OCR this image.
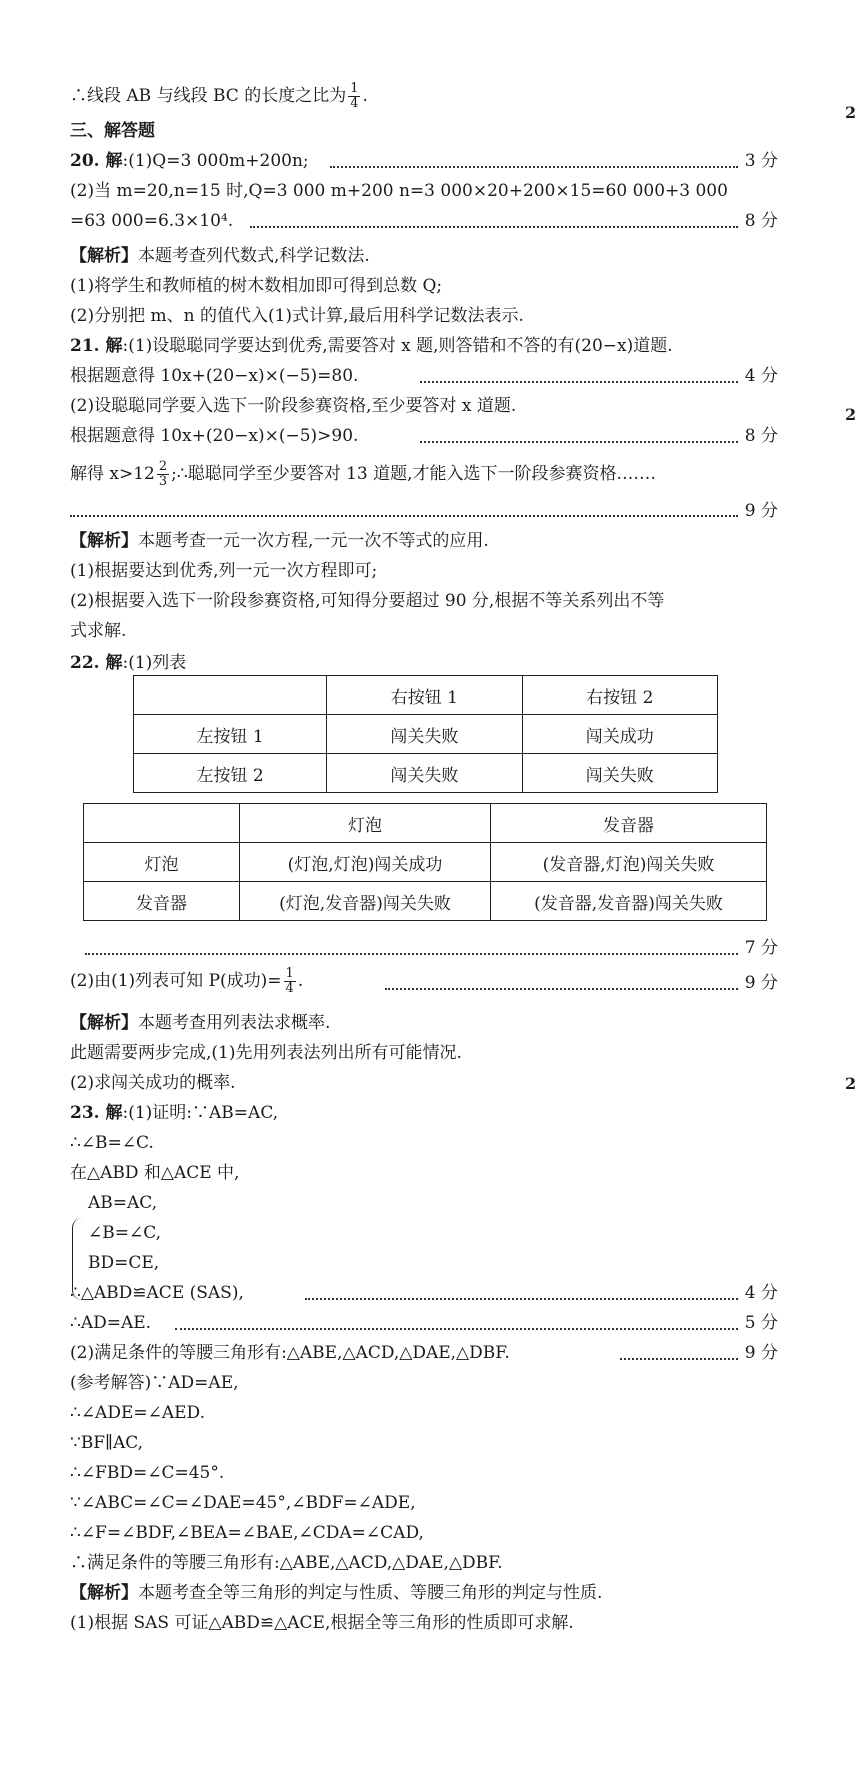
2
2
2
∴线段 AB 与线段 BC 的长度之比为 $\frac{1}{4}$ .
三、解答题
20. 解:(1)Q=3 000m+200n;	3 分
(2)当 m=20,n=15 时,Q=3 000 m+200 n=3 000×20+200×15=60 000+3 000
=63 000=6.3×10⁴.	8 分
【解析】本题考查列代数式,科学记数法.
(1)将学生和教师植的树木数相加即可得到总数 Q;
(2)分别把 m、n 的值代入(1)式计算,最后用科学记数法表示.
21. 解:(1)设聪聪同学要达到优秀,需要答对 x 题,则答错和不答的有(20−x)道题.
根据题意得 10x+(20−x)×(−5)=80.	4 分
(2)设聪聪同学要入选下一阶段参赛资格,至少要答对 x 道题.
根据题意得 10x+(20−x)×(−5)>90.	8 分
解得 $x>12 \frac{2}{3}$ ;∴聪聪同学至少要答对 13 道题,才能入选下一阶段参赛资格.……
9 分
【解析】本题考查一元一次方程,一元一次不等式的应用.
(1)根据要达到优秀,列一元一次方程即可;
(2)根据要入选下一阶段参赛资格,可知得分要超过 90 分,根据不等关系列出不等
式求解.
22. 解:(1)列表
	右按钮 1	右按钮 2
左按钮 1	闯关失败	闯关成功
左按钮 2	闯关失败	闯关失败
	灯泡	发音器
灯泡	(灯泡,灯泡)闯关成功	(发音器,灯泡)闯关失败
发音器	(灯泡,发音器)闯关失败	(发音器,发音器)闯关失败
7 分
(2)由(1)列表可知 P(成功)= $\frac{1}{4}$ .	9 分
【解析】本题考查用列表法求概率.
此题需要两步完成,(1)先用列表法列出所有可能情况.
(2)求闯关成功的概率.
23. 解:(1)证明:∵AB=AC,
∴∠B=∠C.
在△ABD 和△ACE 中,
AB=AC,
∠B=∠C,
BD=CE,
∴△ABD≌ACE (SAS),	4 分
∴AD=AE.	5 分
(2)满足条件的等腰三角形有:△ABE,△ACD,△DAE,△DBF.	9 分
(参考解答)∵AD=AE,
∴∠ADE=∠AED.
∵BF∥AC,
∴∠FBD=∠C=45°.
∵∠ABC=∠C=∠DAE=45°,∠BDF=∠ADE,
∴∠F=∠BDF,∠BEA=∠BAE,∠CDA=∠CAD,
∴满足条件的等腰三角形有:△ABE,△ACD,△DAE,△DBF.
【解析】本题考查全等三角形的判定与性质、等腰三角形的判定与性质.
(1)根据 SAS 可证△ABD≌△ACE,根据全等三角形的性质即可求解.
